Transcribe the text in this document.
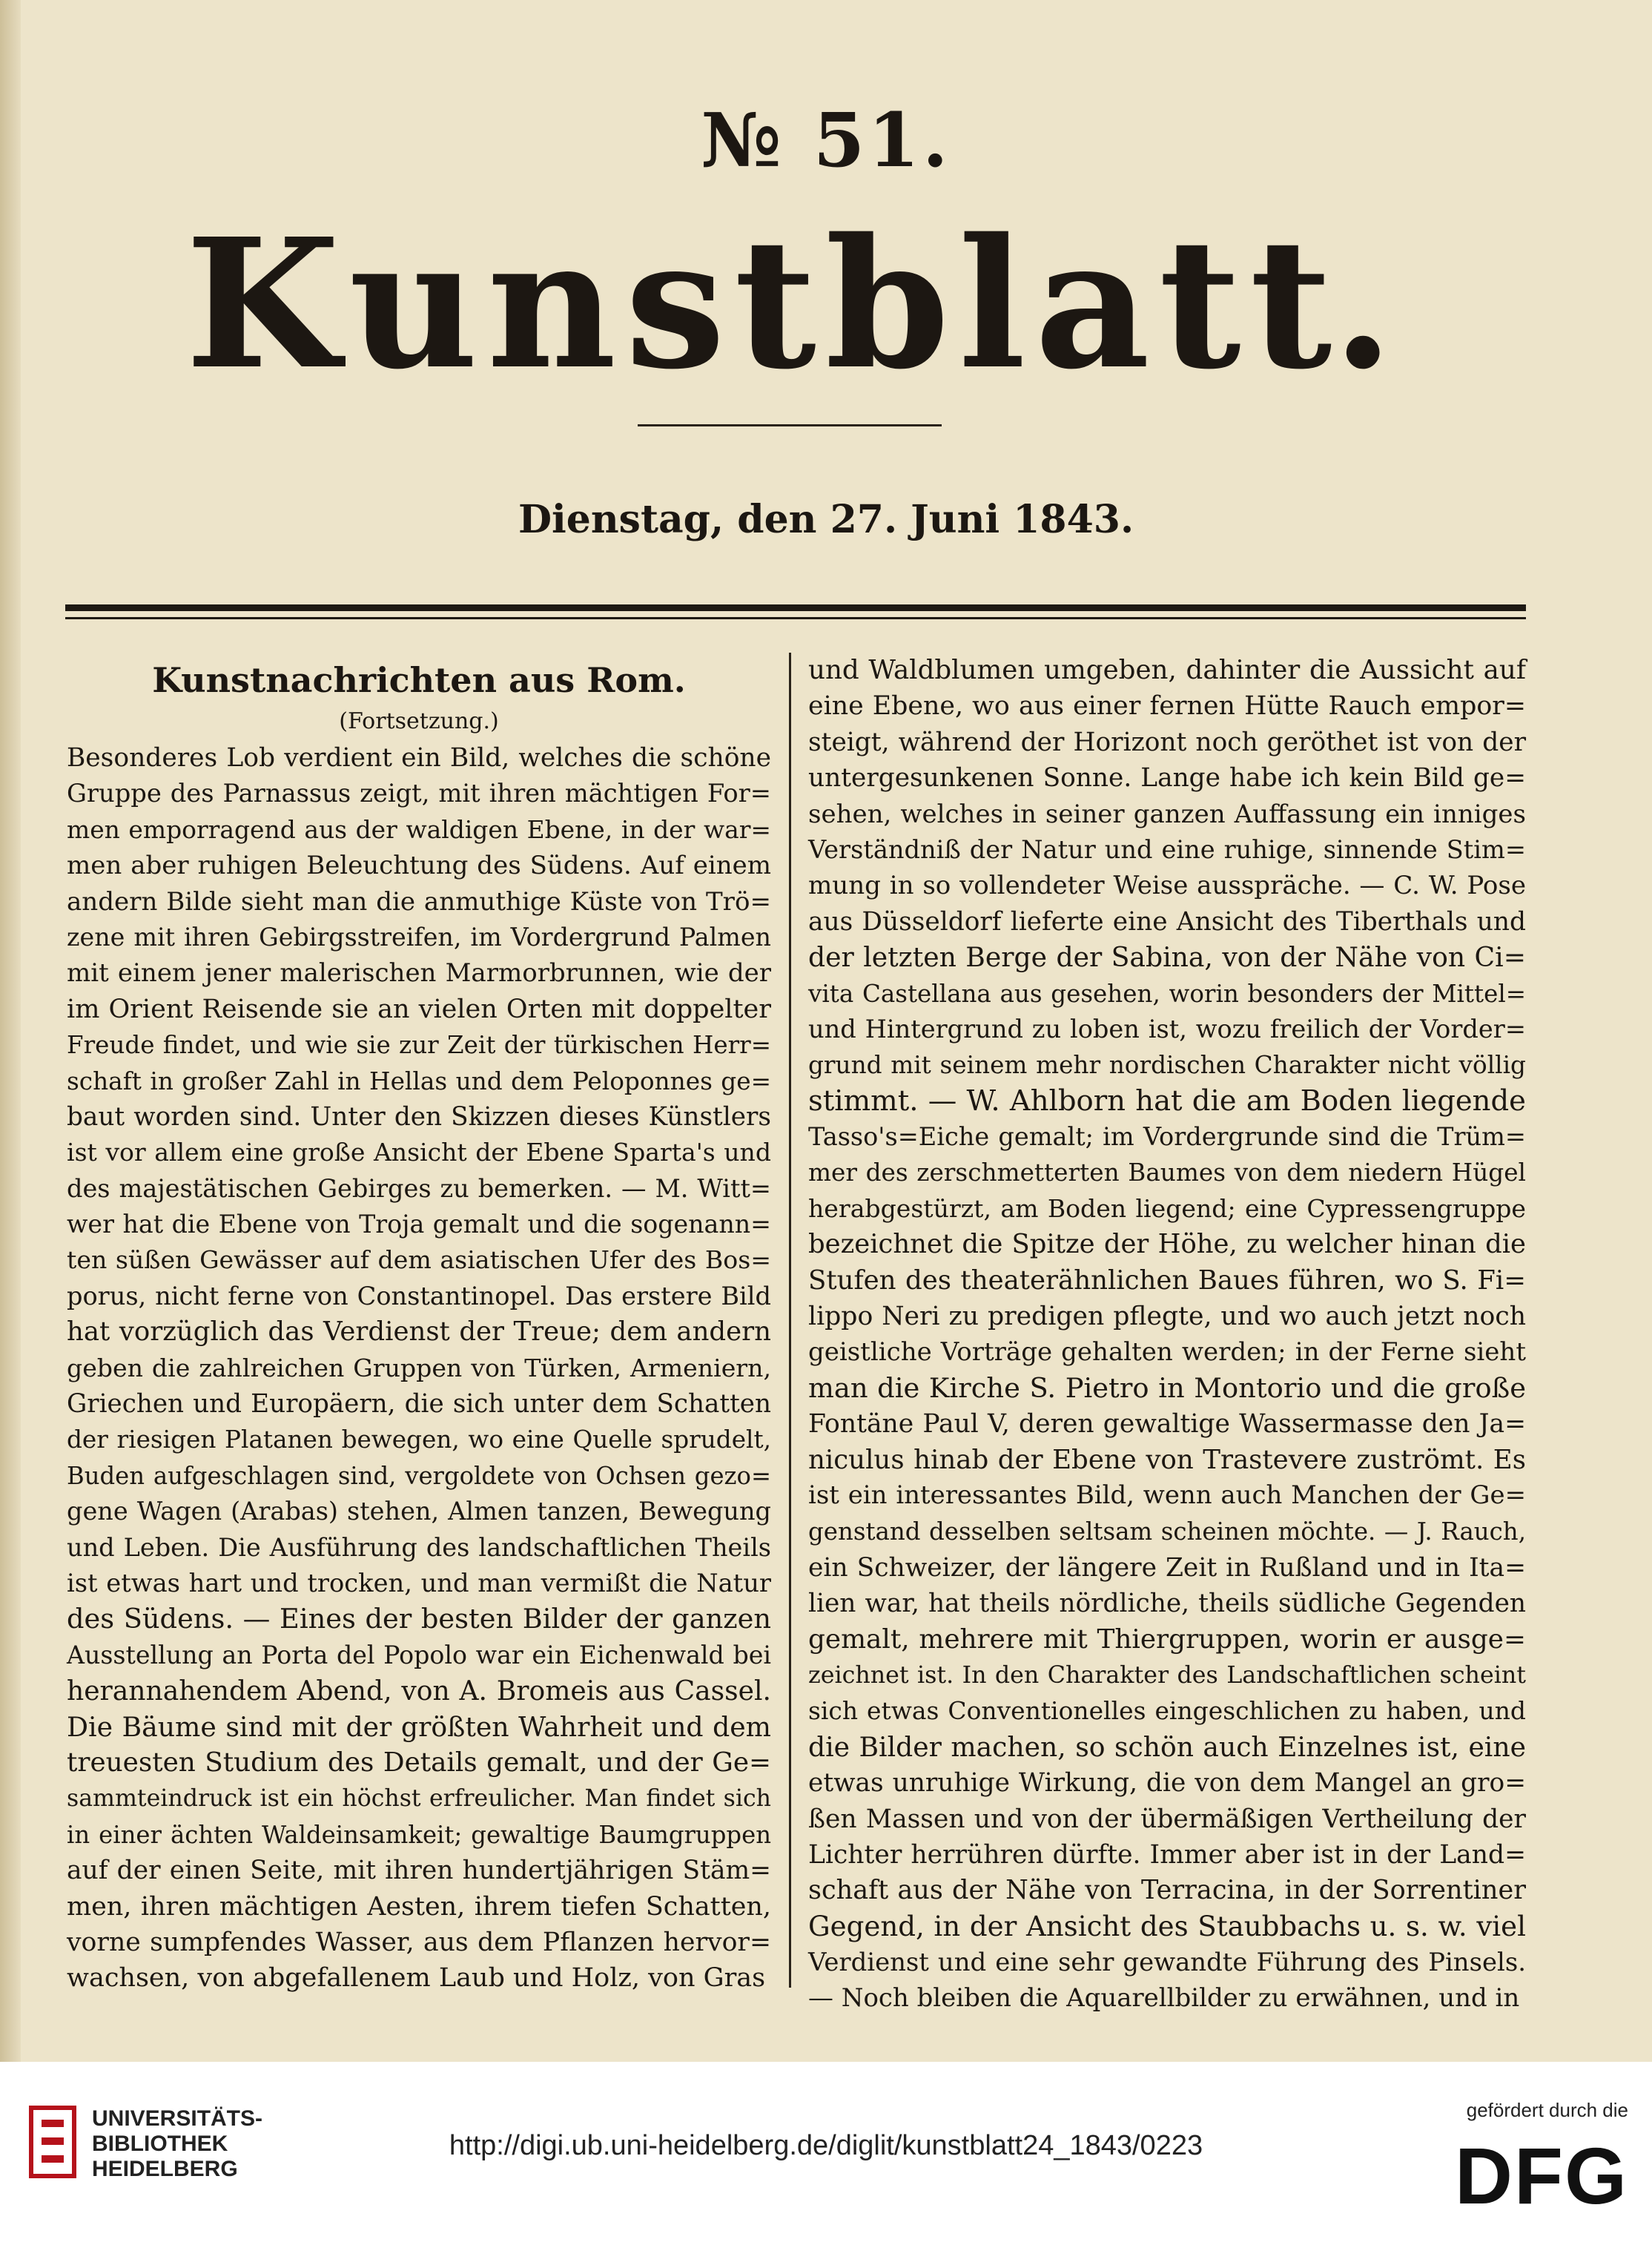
№ 51.
K u n s t b l a t t.
Dienstag, den 27. Juni 1843.
Kunstnachrichten aus Rom.
(Fortsetzung.)
Besonderes Lob verdient ein Bild, welches die schöne
Gruppe des Parnassus zeigt, mit ihren mächtigen For=
men emporragend aus der waldigen Ebene, in der war=
men aber ruhigen Beleuchtung des Südens. Auf einem
andern Bilde sieht man die anmuthige Küste von Trö=
zene mit ihren Gebirgsstreifen, im Vordergrund Palmen
mit einem jener malerischen Marmorbrunnen, wie der
im Orient Reisende sie an vielen Orten mit doppelter
Freude findet, und wie sie zur Zeit der türkischen Herr=
schaft in großer Zahl in Hellas und dem Peloponnes ge=
baut worden sind. Unter den Skizzen dieses Künstlers
ist vor allem eine große Ansicht der Ebene Sparta's und
des majestätischen Gebirges zu bemerken. — M. Witt=
wer hat die Ebene von Troja gemalt und die sogenann=
ten süßen Gewässer auf dem asiatischen Ufer des Bos=
porus, nicht ferne von Constantinopel. Das erstere Bild
hat vorzüglich das Verdienst der Treue; dem andern
geben die zahlreichen Gruppen von Türken, Armeniern,
Griechen und Europäern, die sich unter dem Schatten
der riesigen Platanen bewegen, wo eine Quelle sprudelt,
Buden aufgeschlagen sind, vergoldete von Ochsen gezo=
gene Wagen (Arabas) stehen, Almen tanzen, Bewegung
und Leben. Die Ausführung des landschaftlichen Theils
ist etwas hart und trocken, und man vermißt die Natur
des Südens. — Eines der besten Bilder der ganzen
Ausstellung an Porta del Popolo war ein Eichenwald bei
herannahendem Abend, von A. Bromeis aus Cassel.
Die Bäume sind mit der größten Wahrheit und dem
treuesten Studium des Details gemalt, und der Ge=
sammteindruck ist ein höchst erfreulicher. Man findet sich
in einer ächten Waldeinsamkeit; gewaltige Baumgruppen
auf der einen Seite, mit ihren hundertjährigen Stäm=
men, ihren mächtigen Aesten, ihrem tiefen Schatten,
vorne sumpfendes Wasser, aus dem Pflanzen hervor=
wachsen, von abgefallenem Laub und Holz, von Gras
und Waldblumen umgeben, dahinter die Aussicht auf
eine Ebene, wo aus einer fernen Hütte Rauch empor=
steigt, während der Horizont noch geröthet ist von der
untergesunkenen Sonne. Lange habe ich kein Bild ge=
sehen, welches in seiner ganzen Auffassung ein inniges
Verständniß der Natur und eine ruhige, sinnende Stim=
mung in so vollendeter Weise ausspräche. — C. W. Pose
aus Düsseldorf lieferte eine Ansicht des Tiberthals und
der letzten Berge der Sabina, von der Nähe von Ci=
vita Castellana aus gesehen, worin besonders der Mittel=
und Hintergrund zu loben ist, wozu freilich der Vorder=
grund mit seinem mehr nordischen Charakter nicht völlig
stimmt. — W. Ahlborn hat die am Boden liegende
Tasso's=Eiche gemalt; im Vordergrunde sind die Trüm=
mer des zerschmetterten Baumes von dem niedern Hügel
herabgestürzt, am Boden liegend; eine Cypressengruppe
bezeichnet die Spitze der Höhe, zu welcher hinan die
Stufen des theaterähnlichen Baues führen, wo S. Fi=
lippo Neri zu predigen pflegte, und wo auch jetzt noch
geistliche Vorträge gehalten werden; in der Ferne sieht
man die Kirche S. Pietro in Montorio und die große
Fontäne Paul V, deren gewaltige Wassermasse den Ja=
niculus hinab der Ebene von Trastevere zuströmt. Es
ist ein interessantes Bild, wenn auch Manchen der Ge=
genstand desselben seltsam scheinen möchte. — J. Rauch,
ein Schweizer, der längere Zeit in Rußland und in Ita=
lien war, hat theils nördliche, theils südliche Gegenden
gemalt, mehrere mit Thiergruppen, worin er ausge=
zeichnet ist. In den Charakter des Landschaftlichen scheint
sich etwas Conventionelles eingeschlichen zu haben, und
die Bilder machen, so schön auch Einzelnes ist, eine
etwas unruhige Wirkung, die von dem Mangel an gro=
ßen Massen und von der übermäßigen Vertheilung der
Lichter herrühren dürfte. Immer aber ist in der Land=
schaft aus der Nähe von Terracina, in der Sorrentiner
Gegend, in der Ansicht des Staubbachs u. s. w. viel
Verdienst und eine sehr gewandte Führung des Pinsels.
— Noch bleiben die Aquarellbilder zu erwähnen, und in
UNIVERSITÄTS-
BIBLIOTHEK
HEIDELBERG
http://digi.ub.uni-heidelberg.de/diglit/kunstblatt24_1843/0223
gefördert durch die
DFG
